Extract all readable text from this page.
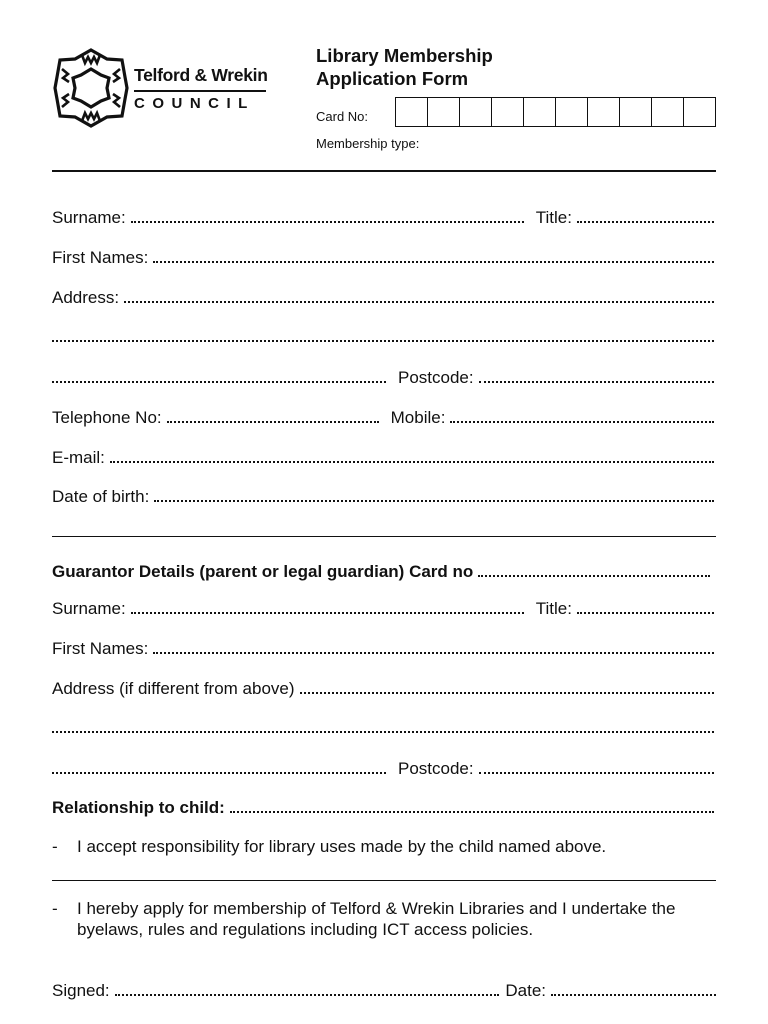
Telford & Wrekin
COUNCIL
Library Membership
Application Form
Card No:
Membership type:
Surname:	Title:
First Names:
Address:
Postcode:
Telephone No:	Mobile:
E-mail:
Date of birth:
Guarantor Details (parent or legal guardian) Card no
Surname:	Title:
First Names:
Address (if different from above)
Postcode:
Relationship to child:
-	I accept responsibility for library uses made by the child named above.
-	I hereby apply for membership of Telford & Wrekin Libraries and I undertake the byelaws, rules and regulations including ICT access policies.
Signed:	Date:
